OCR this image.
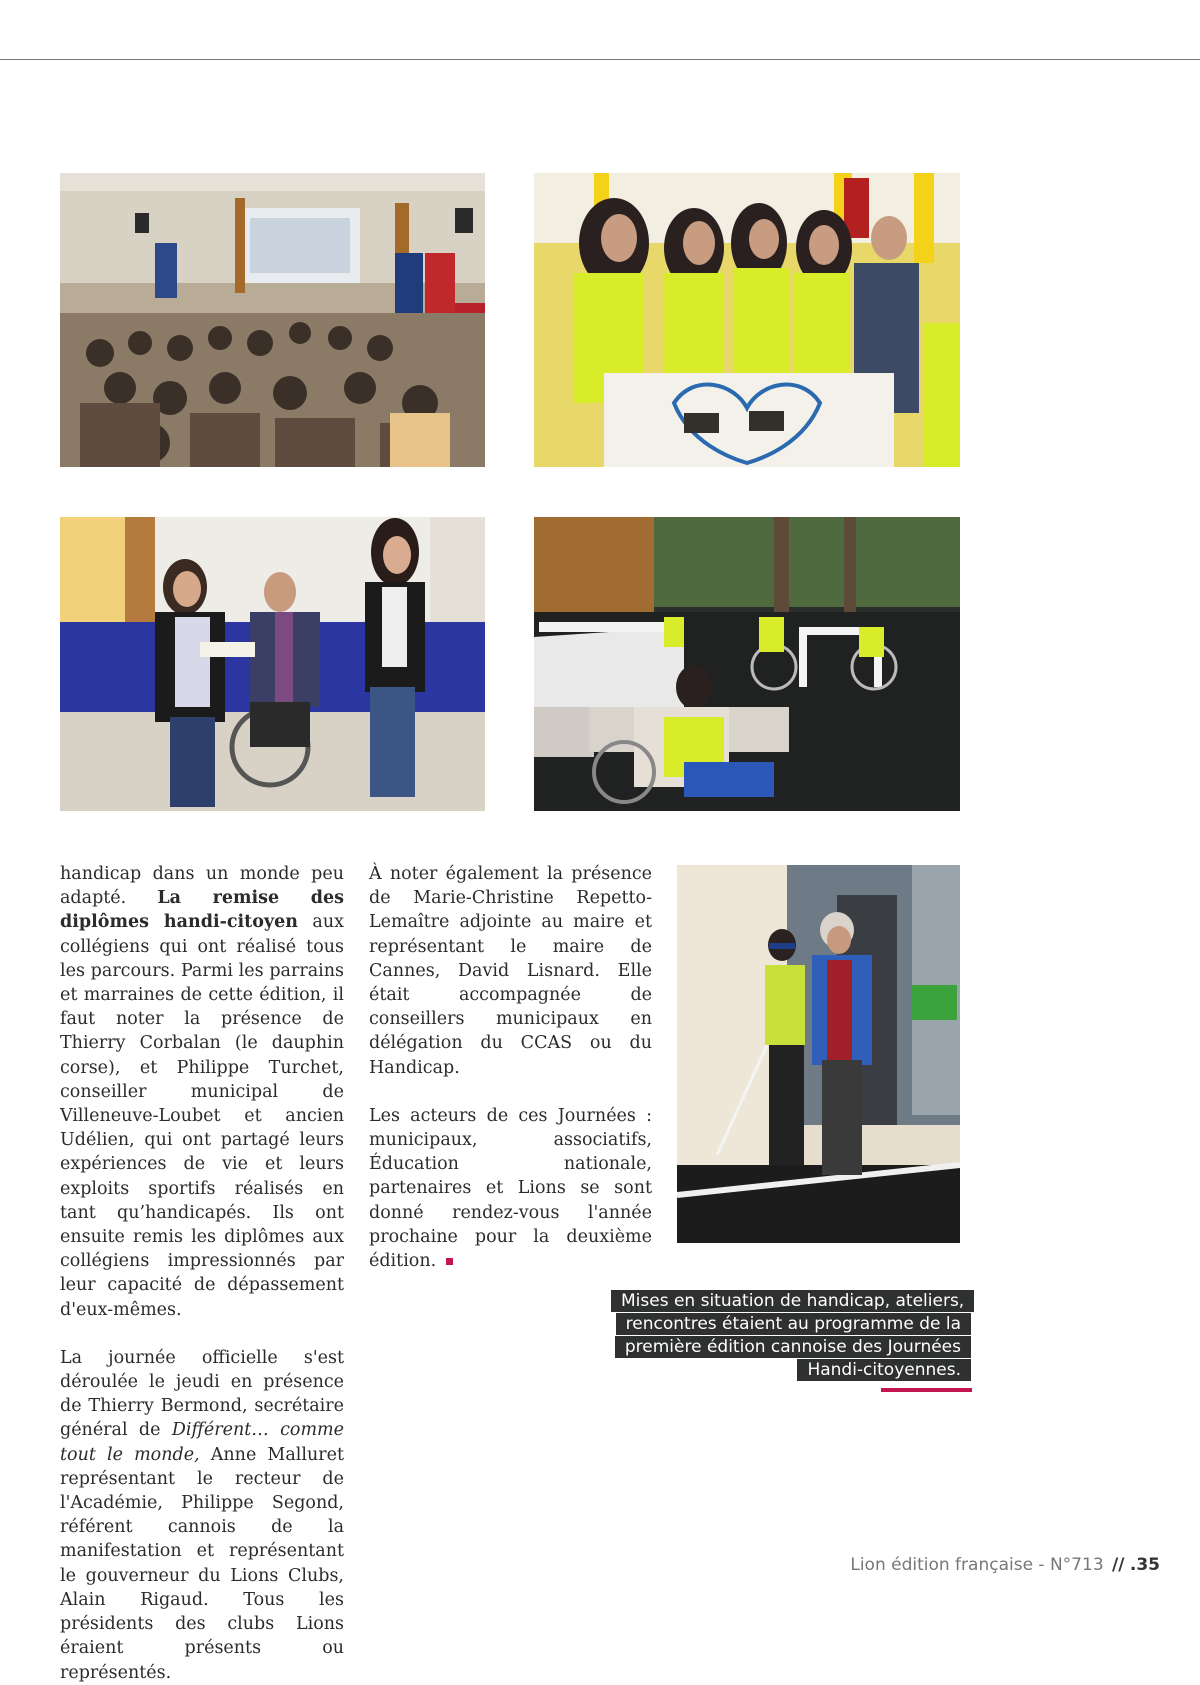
handicap dans un monde peu adapté. La remise des diplômes handi-citoyen aux collégiens qui ont réalisé tous les parcours. Parmi les parrains et marraines de cette édition, il faut noter la présence de Thierry Corbalan (le dauphin corse), et Philippe Turchet, conseiller municipal de Villeneuve-Loubet et ancien Udélien, qui ont partagé leurs expériences de vie et leurs exploits sportifs réalisés en tant qu’handicapés. Ils ont ensuite remis les diplômes aux collégiens impressionnés par leur capacité de dépassement d'eux-mêmes.

La journée officielle s'est déroulée le jeudi en présence de Thierry Bermond, secrétaire général de Différent… comme tout le monde, Anne Malluret représentant le recteur de l'Académie, Philippe Segond, référent cannois de la manifestation et représentant le gouverneur du Lions Clubs, Alain Rigaud. Tous les présidents des clubs Lions éraient présents ou représentés.

À noter également la présence de Marie-Christine Repetto-Lemaître adjointe au maire et représentant le maire de Cannes, David Lisnard. Elle était accompagnée de conseillers municipaux en délégation du CCAS ou du Handicap.

Les acteurs de ces Journées : municipaux, associatifs, Éducation nationale, partenaires et Lions se sont donné rendez-vous l'année prochaine pour la deuxième édition.

Mises en situation de handicap, ateliers, rencontres étaient au programme de la première édition cannoise des Journées Handi-citoyennes.
Lion édition française - N°713 // .35
